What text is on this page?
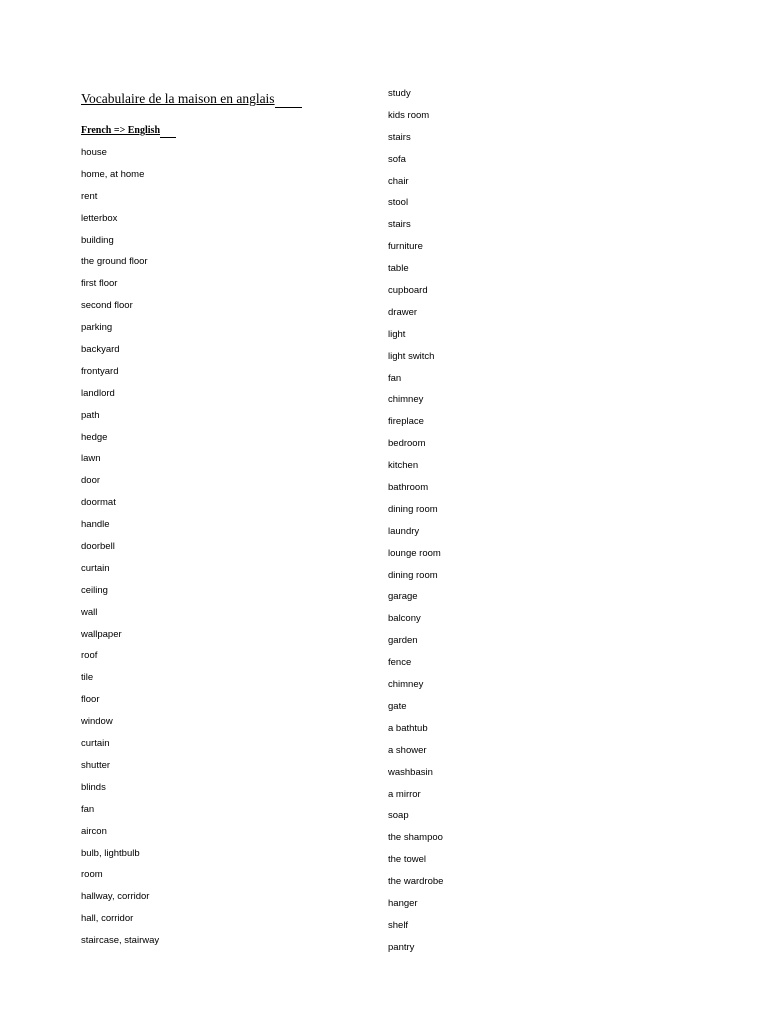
Vocabulaire de la maison en anglais
French => English
house
home, at home
rent
letterbox
building
the ground floor
first floor
second floor
parking
backyard
frontyard
landlord
path
hedge
lawn
door
doormat
handle
doorbell
curtain
ceiling
wall
wallpaper
roof
tile
floor
window
curtain
shutter
blinds
fan
aircon
bulb, lightbulb
room
hallway, corridor
hall, corridor
staircase, stairway
study
kids room
stairs
sofa
chair
stool
stairs
furniture
table
cupboard
drawer
light
light switch
fan
chimney
fireplace
bedroom
kitchen
bathroom
dining room
laundry
lounge room
dining room
garage
balcony
garden
fence
chimney
gate
a bathtub
a shower
washbasin
a mirror
soap
the shampoo
the towel
the wardrobe
hanger
shelf
pantry
